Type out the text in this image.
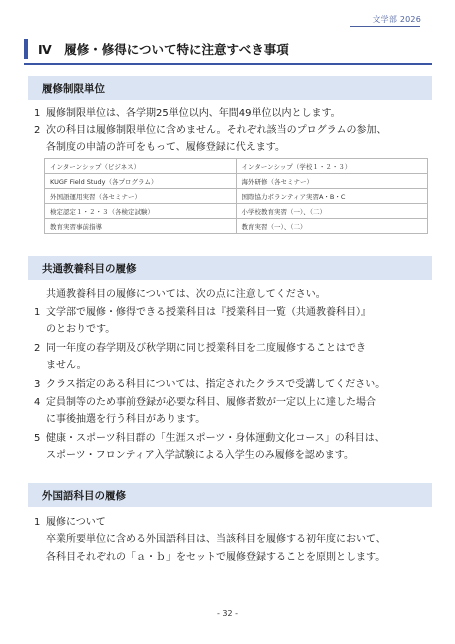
文学部 2026
Ⅳ　履修・修得について特に注意すべき事項
履修制限単位
1 履修制限単位は、各学期25単位以内、年間49単位以内とします。
2 次の科目は履修制限単位に含めません。それぞれ該当のプログラムの参加、
各制度の申請の許可をもって、履修登録に代えます。
インターンシップ（ビジネス）	インターンシップ（学校１・２・３）
KUGF Field Study（各プログラム）	海外研修（各セミナー）
外国語運用実習（各セミナー）	国際協力ボランティア実習A・B・C
検定認定１・２・３（各検定試験）	小学校教育実習（一）、（二）
教育実習事前指導	教育実習（一）、（二）
共通教養科目の履修
共通教養科目の履修については、次の点に注意してください。
1 文学部で履修・修得できる授業科目は『授業科目一覧（共通教養科目）』
のとおりです。
2 同一年度の春学期及び秋学期に同じ授業科目を二度履修することはでき
ません。
3 クラス指定のある科目については、指定されたクラスで受講してください。
4 定員制等のため事前登録が必要な科目、履修者数が一定以上に達した場合
に事後抽選を行う科目があります。
5 健康・スポーツ科目群の「生涯スポーツ・身体運動文化コース」の科目は、
スポーツ・フロンティア入学試験による入学生のみ履修を認めます。
外国語科目の履修
1 履修について
卒業所要単位に含める外国語科目は、当該科目を履修する初年度において、
各科目それぞれの「ａ・ｂ」をセットで履修登録することを原則とします。
- 32 -
